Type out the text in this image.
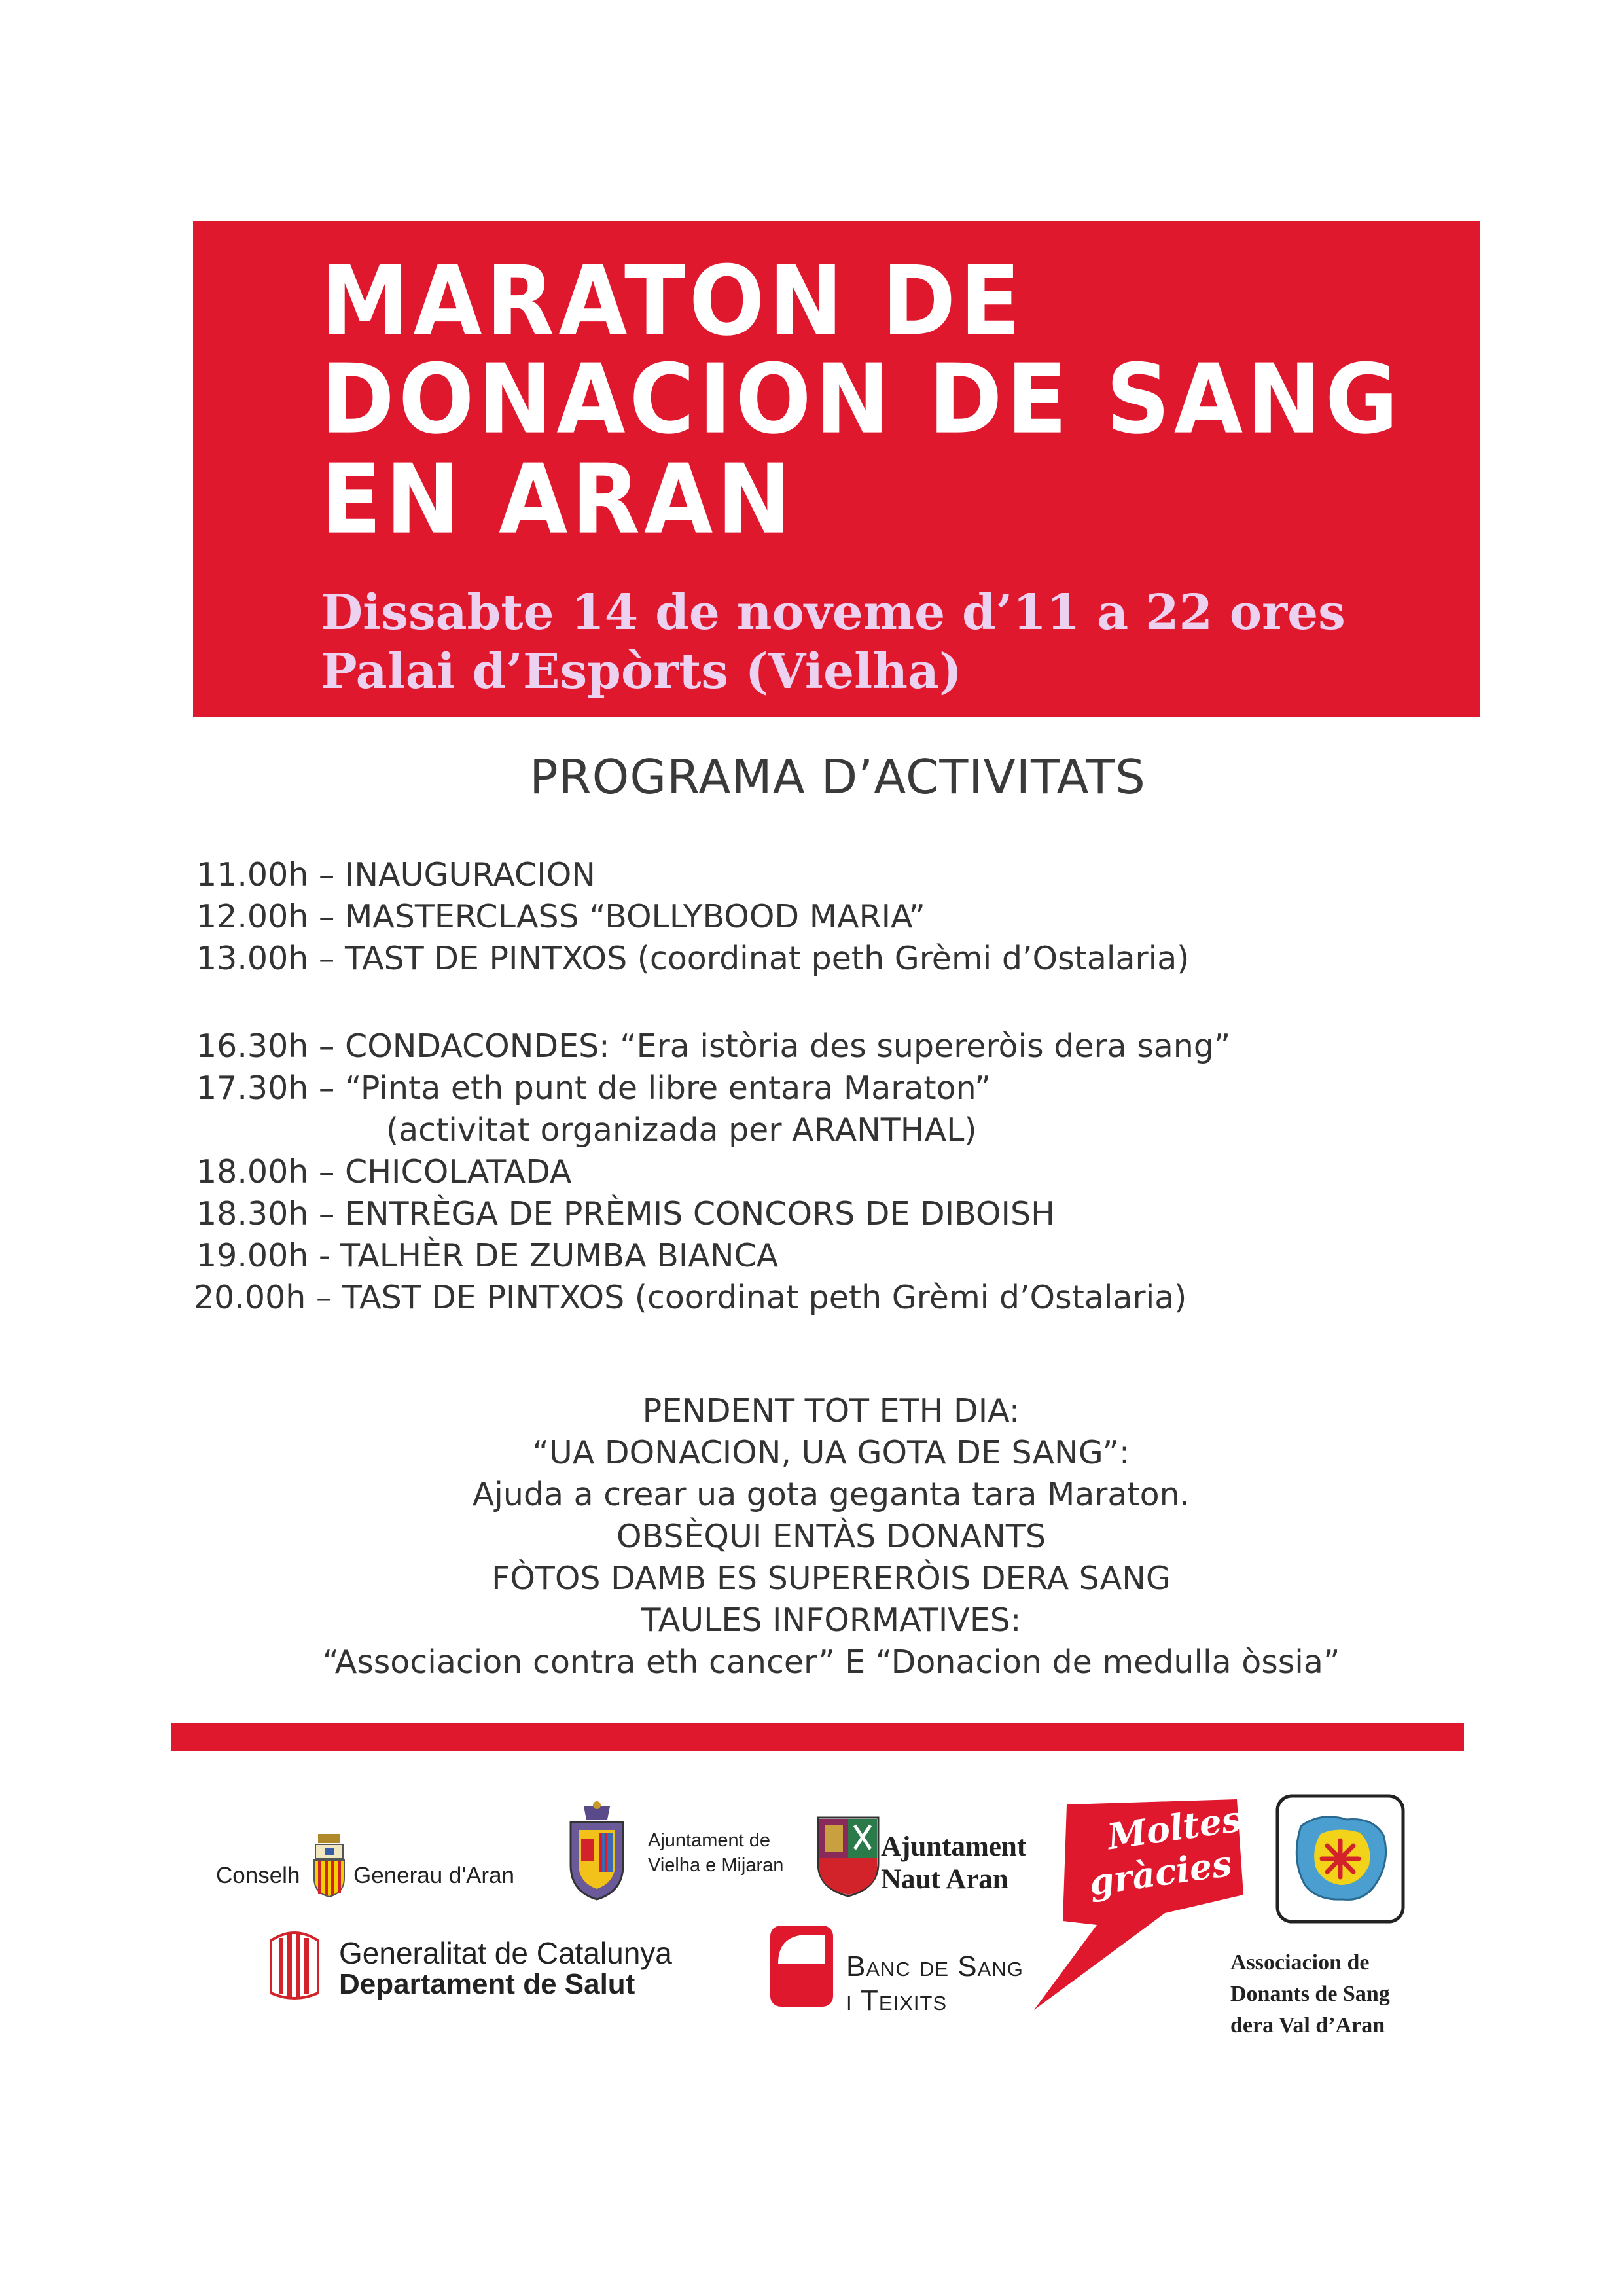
MARATON DE
DONACION DE SANG
EN ARAN
Dissabte 14 de noveme d’11 a 22 ores
Palai d’Espòrts (Vielha)
PROGRAMA D’ACTIVITATS
11.00h – INAUGURACION
12.00h – MASTERCLASS “BOLLYBOOD MARIA”
13.00h – TAST DE PINTXOS (coordinat peth Grèmi d’Ostalaria)
16.30h – CONDACONDES: “Era istòria des supereròis dera sang”
17.30h – “Pinta eth punt de libre entara Maraton”
(activitat organizada per ARANTHAL)
18.00h – CHICOLATADA
18.30h – ENTRÈGA DE PRÈMIS CONCORS DE DIBOISH
19.00h - TALHÈR DE ZUMBA BIANCA
20.00h – TAST DE PINTXOS (coordinat peth Grèmi d’Ostalaria)
PENDENT TOT ETH DIA:
“UA DONACION, UA GOTA DE SANG”:
Ajuda a crear ua gota geganta tara Maraton.
OBSÈQUI ENTÀS DONANTS
FÒTOS DAMB ES SUPERERÒIS DERA SANG
TAULES INFORMATIVES:
“Associacion contra eth cancer” E “Donacion de medulla òssia”
Conselh Generau d'Aran
Ajuntament de
Vielha e Mijaran
Ajuntament
Naut Aran
Moltes
gràcies
Generalitat de Catalunya
Departament de Salut
Banc de Sang
i Teixits
Associacion de
Donants de Sang
dera Val d’Aran
